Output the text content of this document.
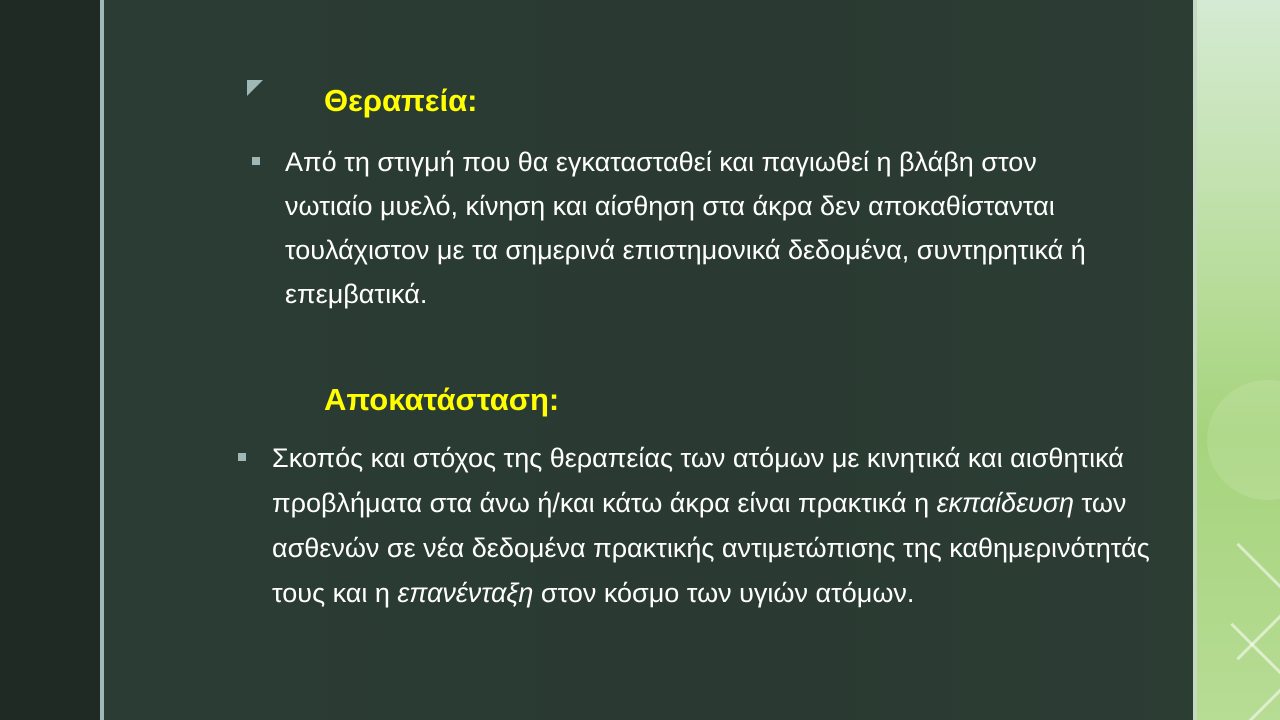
Θεραπεία:
Από τη στιγμή που θα εγκατασταθεί και παγιωθεί η βλάβη στον νωτιαίο μυελό, κίνηση και αίσθηση στα άκρα δεν αποκαθίστανται τουλάχιστον με τα σημερινά επιστημονικά δεδομένα, συντηρητικά ή επεμβατικά.
Αποκατάσταση:
Σκοπός και στόχος της θεραπείας των ατόμων με κινητικά και αισθητικά προβλήματα στα άνω ή/και κάτω άκρα είναι πρακτικά η εκπαίδευση των ασθενών σε νέα δεδομένα πρακτικής αντιμετώπισης της καθημερινότητάς τους και η επανένταξη στον κόσμο των υγιών ατόμων.
